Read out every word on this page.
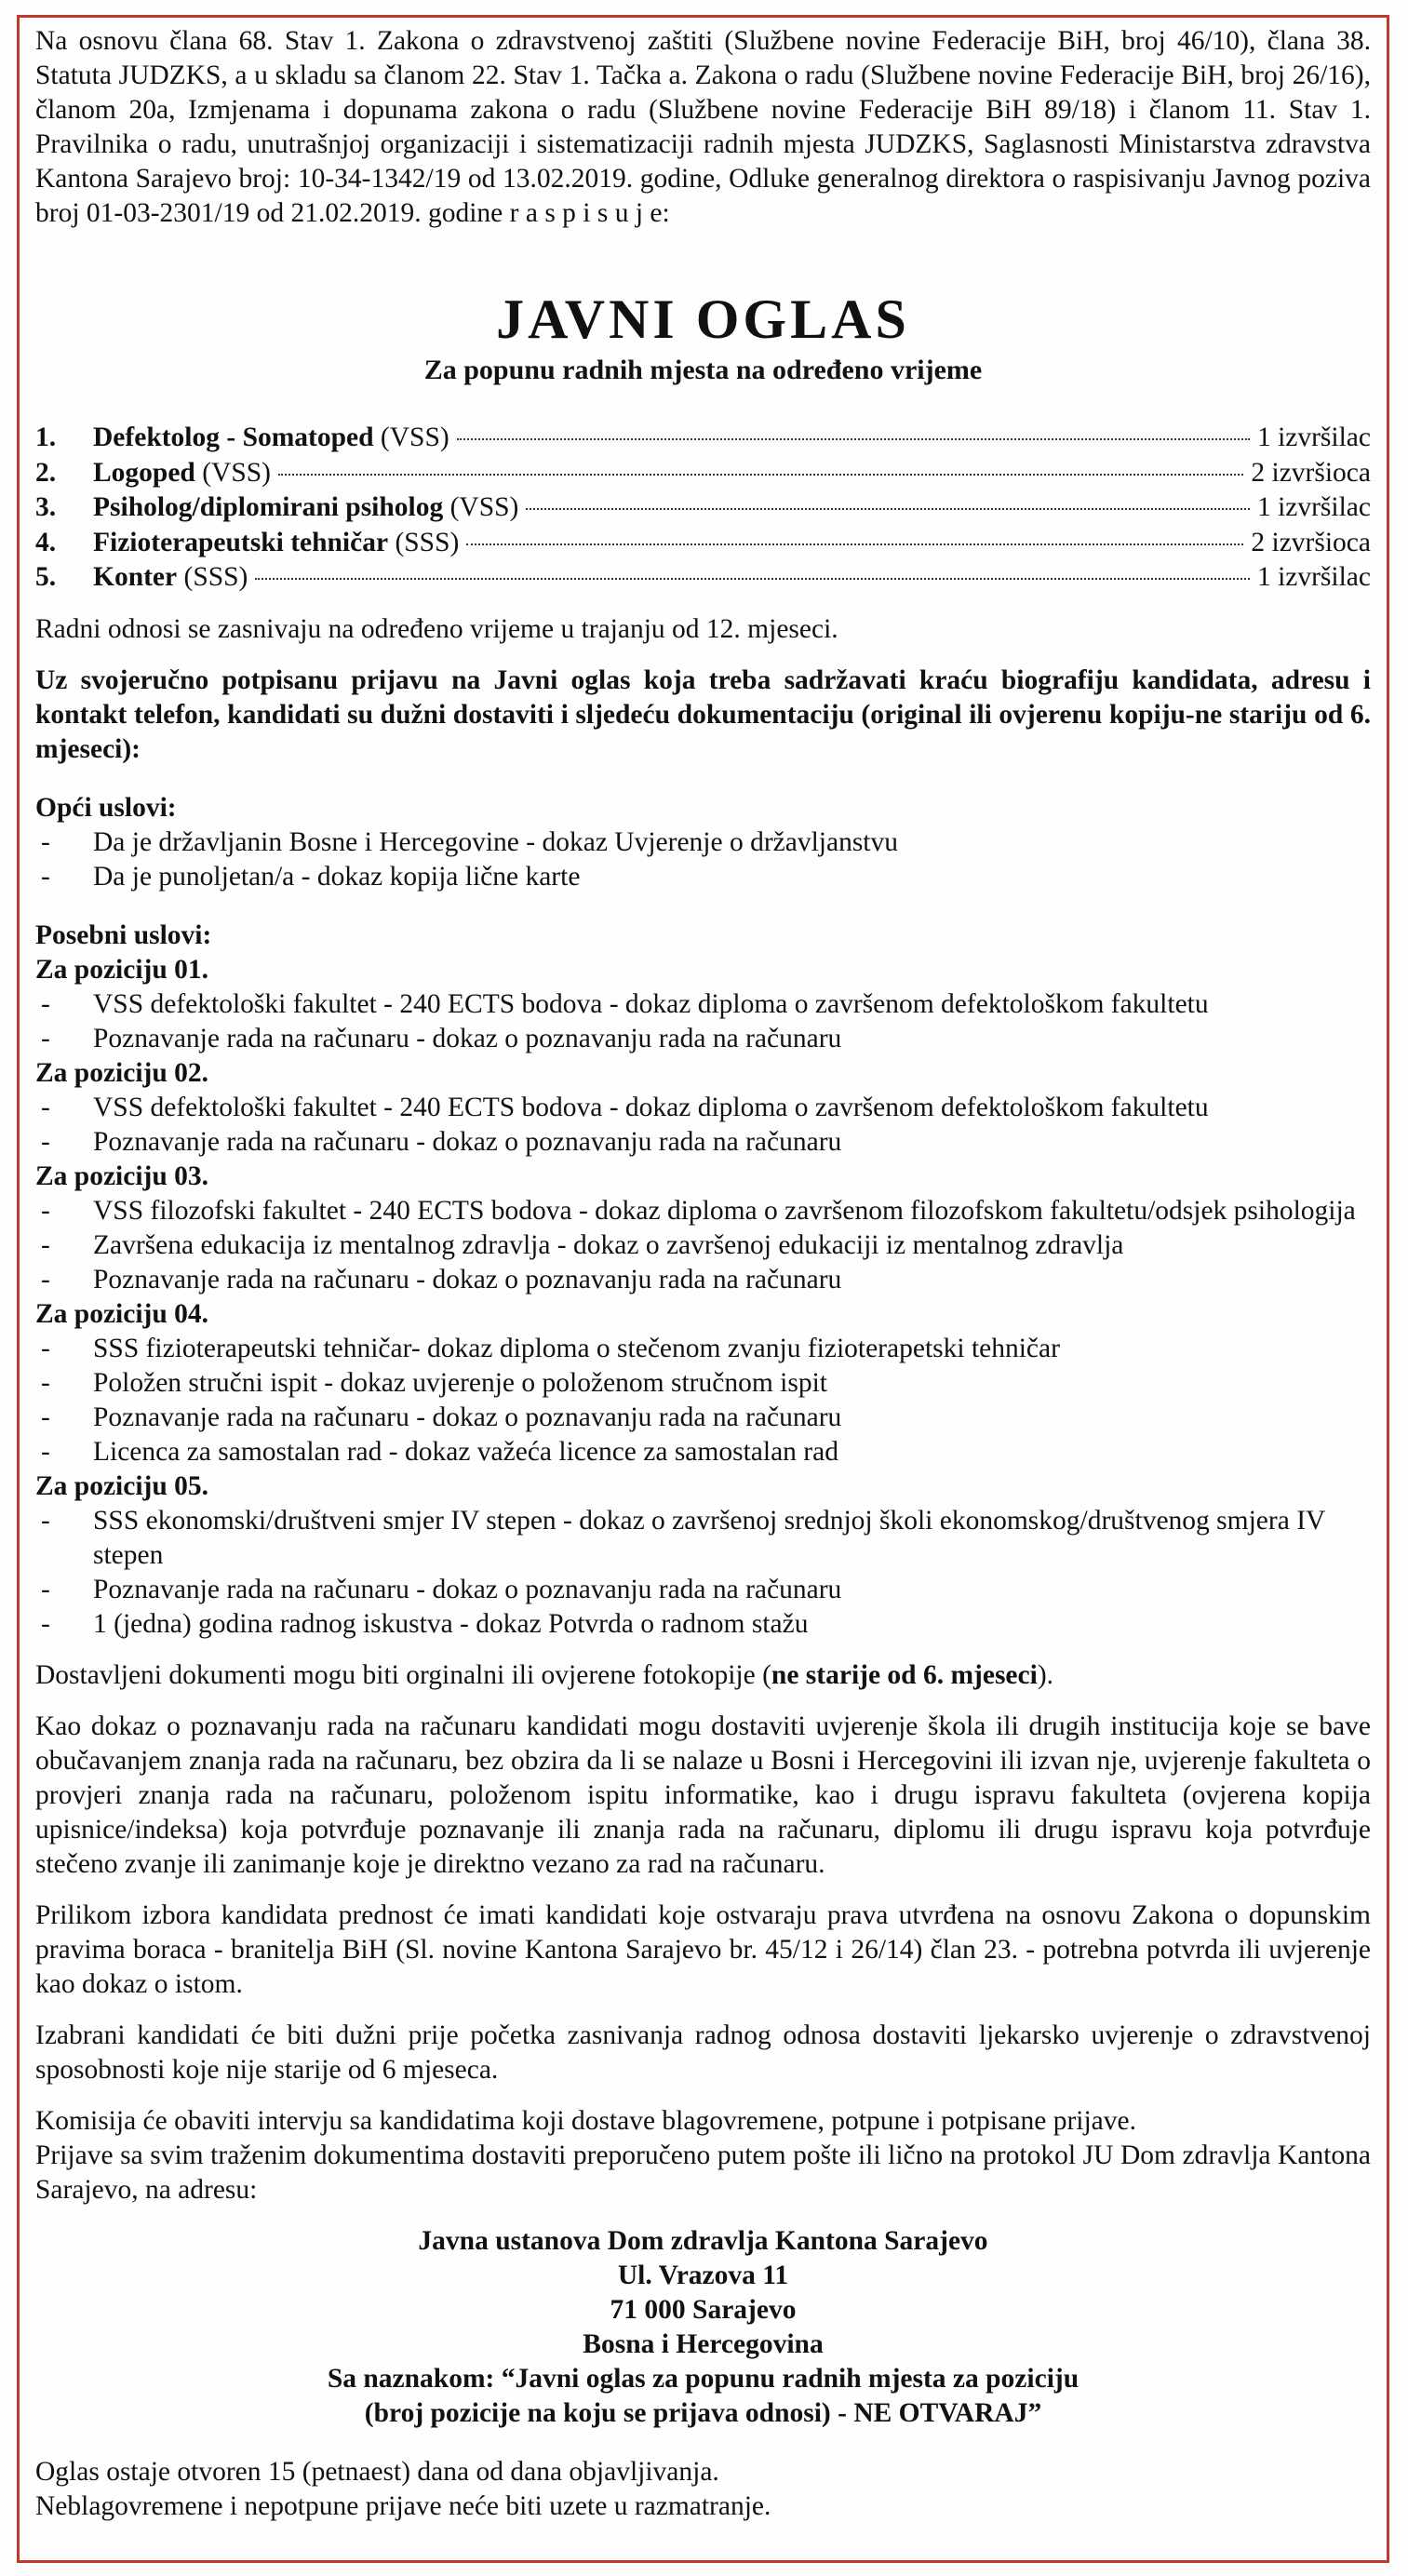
Na osnovu člana 68. Stav 1. Zakona o zdravstvenoj zaštiti (Službene novine Federacije BiH, broj 46/10), člana 38. Statuta JUDZKS, a u skladu sa članom 22. Stav 1. Tačka a. Zakona o radu (Službene novine Federacije BiH, broj 26/16), članom 20a, Izmjenama i dopunama zakona o radu (Službene novine Federacije BiH 89/18) i članom 11. Stav 1. Pravilnika o radu, unutrašnjoj organizaciji i sistematizaciji radnih mjesta JUDZKS, Saglasnosti Ministarstva zdravstva Kantona Sarajevo broj: 10-34-1342/19 od 13.02.2019. godine, Odluke generalnog direktora o raspisivanju Javnog poziva broj 01-03-2301/19 od 21.02.2019. godine r a s p i s u j e:

JAVNI OGLAS
Za popunu radnih mjesta na određeno vrijeme
1.	Defektolog - Somatoped (VSS)	1 izvršilac
2.	Logoped (VSS)	2 izvršioca
3.	Psiholog/diplomirani psiholog (VSS)	1 izvršilac
4.	Fizioterapeutski tehničar (SSS)	2 izvršioca
5.	Konter (SSS)	1 izvršilac

Radni odnosi se zasnivaju na određeno vrijeme u trajanju od 12. mjeseci.

Uz svojeručno potpisanu prijavu na Javni oglas koja treba sadržavati kraću biografiju kandidata, adresu i kontakt telefon, kandidati su dužni dostaviti i sljedeću dokumentaciju (original ili ovjerenu kopiju-ne stariju od 6. mjeseci):

Opći uslovi:
-	Da je državljanin Bosne i Hercegovine - dokaz Uvjerenje o državljanstvu
-	Da je punoljetan/a - dokaz kopija lične karte
Posebni uslovi:
Za poziciju 01.
-	VSS defektološki fakultet - 240 ECTS bodova - dokaz diploma o završenom defektološkom fakultetu
-	Poznavanje rada na računaru - dokaz o poznavanju rada na računaru
Za poziciju 02.
-	VSS defektološki fakultet - 240 ECTS bodova - dokaz diploma o završenom defektološkom fakultetu
-	Poznavanje rada na računaru - dokaz o poznavanju rada na računaru
Za poziciju 03.
-	VSS filozofski fakultet - 240 ECTS bodova - dokaz diploma o završenom filozofskom fakultetu/odsjek psihologija
-	Završena edukacija iz mentalnog zdravlja - dokaz o završenoj edukaciji iz mentalnog zdravlja
-	Poznavanje rada na računaru - dokaz o poznavanju rada na računaru
Za poziciju 04.
-	SSS fizioterapeutski tehničar- dokaz diploma o stečenom zvanju fizioterapetski tehničar
-	Položen stručni ispit - dokaz uvjerenje o položenom stručnom ispit
-	Poznavanje rada na računaru - dokaz o poznavanju rada na računaru
-	Licenca za samostalan rad - dokaz važeća licence za samostalan rad
Za poziciju 05.
-	SSS ekonomski/društveni smjer IV stepen - dokaz o završenoj srednjoj školi ekonomskog/društvenog smjera IV stepen
-	Poznavanje rada na računaru - dokaz o poznavanju rada na računaru
-	1 (jedna) godina radnog iskustva - dokaz Potvrda o radnom stažu

Dostavljeni dokumenti mogu biti orginalni ili ovjerene fotokopije (ne starije od 6. mjeseci).

Kao dokaz o poznavanju rada na računaru kandidati mogu dostaviti uvjerenje škola ili drugih institucija koje se bave obučavanjem znanja rada na računaru, bez obzira da li se nalaze u Bosni i Hercegovini ili izvan nje, uvjerenje fakulteta o provjeri znanja rada na računaru, položenom ispitu informatike, kao i drugu ispravu fakulteta (ovjerena kopija upisnice/indeksa) koja potvrđuje poznavanje ili znanja rada na računaru, diplomu ili drugu ispravu koja potvrđuje stečeno zvanje ili zanimanje koje je direktno vezano za rad na računaru.

Prilikom izbora kandidata prednost će imati kandidati koje ostvaraju prava utvrđena na osnovu Zakona o dopunskim pravima boraca - branitelja BiH (Sl. novine Kantona Sarajevo br. 45/12 i 26/14) član 23. - potrebna potvrda ili uvjerenje kao dokaz o istom.

Izabrani kandidati će biti dužni prije početka zasnivanja radnog odnosa dostaviti ljekarsko uvjerenje o zdravstvenoj sposobnosti koje nije starije od 6 mjeseca.

Komisija će obaviti intervju sa kandidatima koji dostave blagovremene, potpune i potpisane prijave.

Prijave sa svim traženim dokumentima dostaviti preporučeno putem pošte ili lično na protokol JU Dom zdravlja Kantona Sarajevo, na adresu:

Javna ustanova Dom zdravlja Kantona Sarajevo
Ul. Vrazova 11
71 000 Sarajevo
Bosna i Hercegovina
Sa naznakom: “Javni oglas za popunu radnih mjesta za poziciju
(broj pozicije na koju se prijava odnosi) - NE OTVARAJ”

Oglas ostaje otvoren 15 (petnaest) dana od dana objavljivanja.

Neblagovremene i nepotpune prijave neće biti uzete u razmatranje.
